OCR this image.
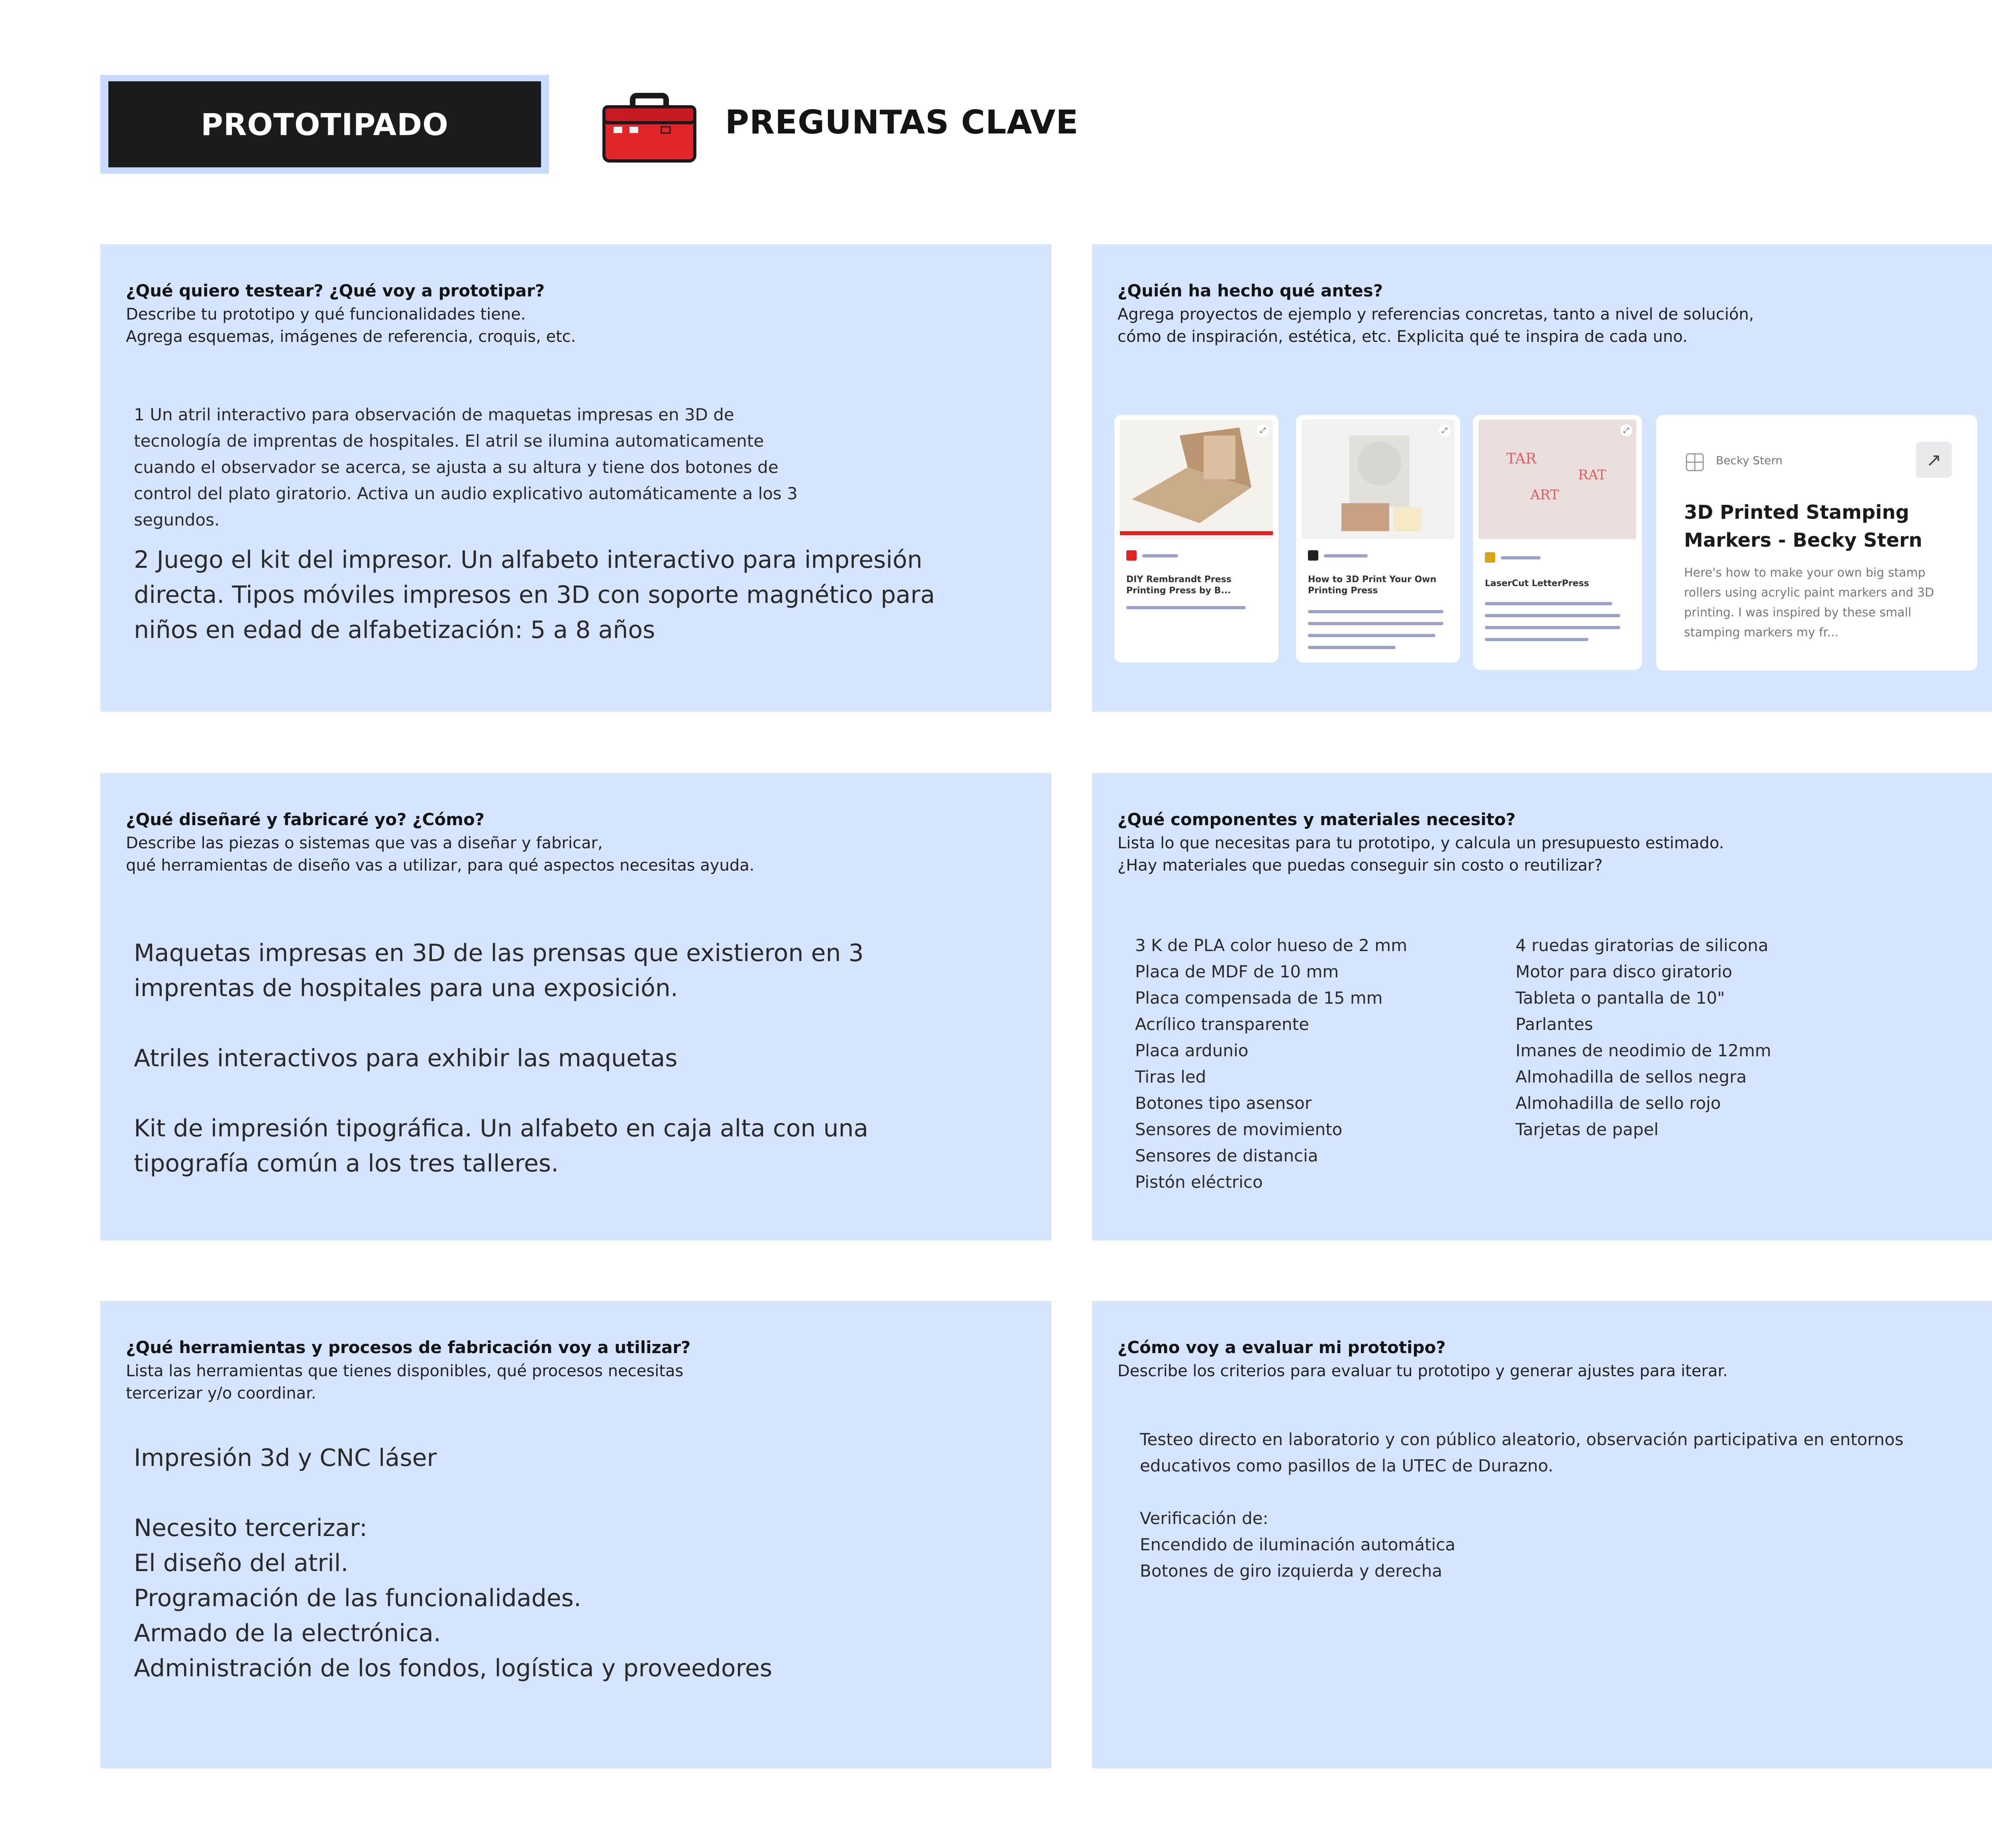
PROTOTIPADO	PREGUNTAS CLAVE
¿Qué quiero testear? ¿Qué voy a prototipar?
Describe tu prototipo y qué funcionalidades tiene.
Agrega esquemas, imágenes de referencia, croquis, etc.
1 Un atril interactivo para observación de maquetas impresas en 3D de
tecnología de imprentas de hospitales. El atril se ilumina automaticamente
cuando el observador se acerca, se ajusta a su altura y tiene dos botones de
control del plato giratorio. Activa un audio explicativo automáticamente a los 3
segundos.
2 Juego el kit del impresor. Un alfabeto interactivo para impresión
directa. Tipos móviles impresos en 3D con soporte magnético para
niños en edad de alfabetización: 5 a 8 años
¿Quién ha hecho qué antes?
Agrega proyectos de ejemplo y referencias concretas, tanto a nivel de solución,
cómo de inspiración, estética, etc. Explicita qué te inspira de cada uno.
⤢
DIY Rembrandt Press Printing Press by B...
⤢
How to 3D Print Your Own Printing Press
TAR
RAT
ART
⤢
LaserCut LetterPress
Becky Stern	↗
3D Printed Stamping Markers - Becky Stern
Here's how to make your own big stamp rollers using acrylic paint markers and 3D printing. I was inspired by these small stamping markers my fr...
¿Qué diseñaré y fabricaré yo? ¿Cómo?
Describe las piezas o sistemas que vas a diseñar y fabricar,
qué herramientas de diseño vas a utilizar, para qué aspectos necesitas ayuda.
Maquetas impresas en 3D de las prensas que existieron en 3
imprentas de hospitales para una exposición.
Atriles interactivos para exhibir las maquetas
Kit de impresión tipográfica. Un alfabeto en caja alta con una
tipografía común a los tres talleres.
¿Qué componentes y materiales necesito?
Lista lo que necesitas para tu prototipo, y calcula un presupuesto estimado.
¿Hay materiales que puedas conseguir sin costo o reutilizar?
3 K de PLA color hueso de 2 mm
Placa de MDF de 10 mm
Placa compensada de 15 mm
Acrílico transparente
Placa ardunio
Tiras led
Botones tipo asensor
Sensores de movimiento
Sensores de distancia
Pistón eléctrico
4 ruedas giratorias de silicona
Motor para disco giratorio
Tableta o pantalla de 10"
Parlantes
Imanes de neodimio de 12mm
Almohadilla de sellos negra
Almohadilla de sello rojo
Tarjetas de papel
¿Qué herramientas y procesos de fabricación voy a utilizar?
Lista las herramientas que tienes disponibles, qué procesos necesitas
tercerizar y/o coordinar.
Impresión 3d y CNC láser
Necesito tercerizar:
El diseño del atril.
Programación de las funcionalidades.
Armado de la electrónica.
Administración de los fondos, logística y proveedores
¿Cómo voy a evaluar mi prototipo?
Describe los criterios para evaluar tu prototipo y generar ajustes para iterar.
Testeo directo en laboratorio y con público aleatorio, observación participativa en entornos
educativos como pasillos de la UTEC de Durazno.
Verificación de:
Encendido de iluminación automática
Botones de giro izquierda y derecha
